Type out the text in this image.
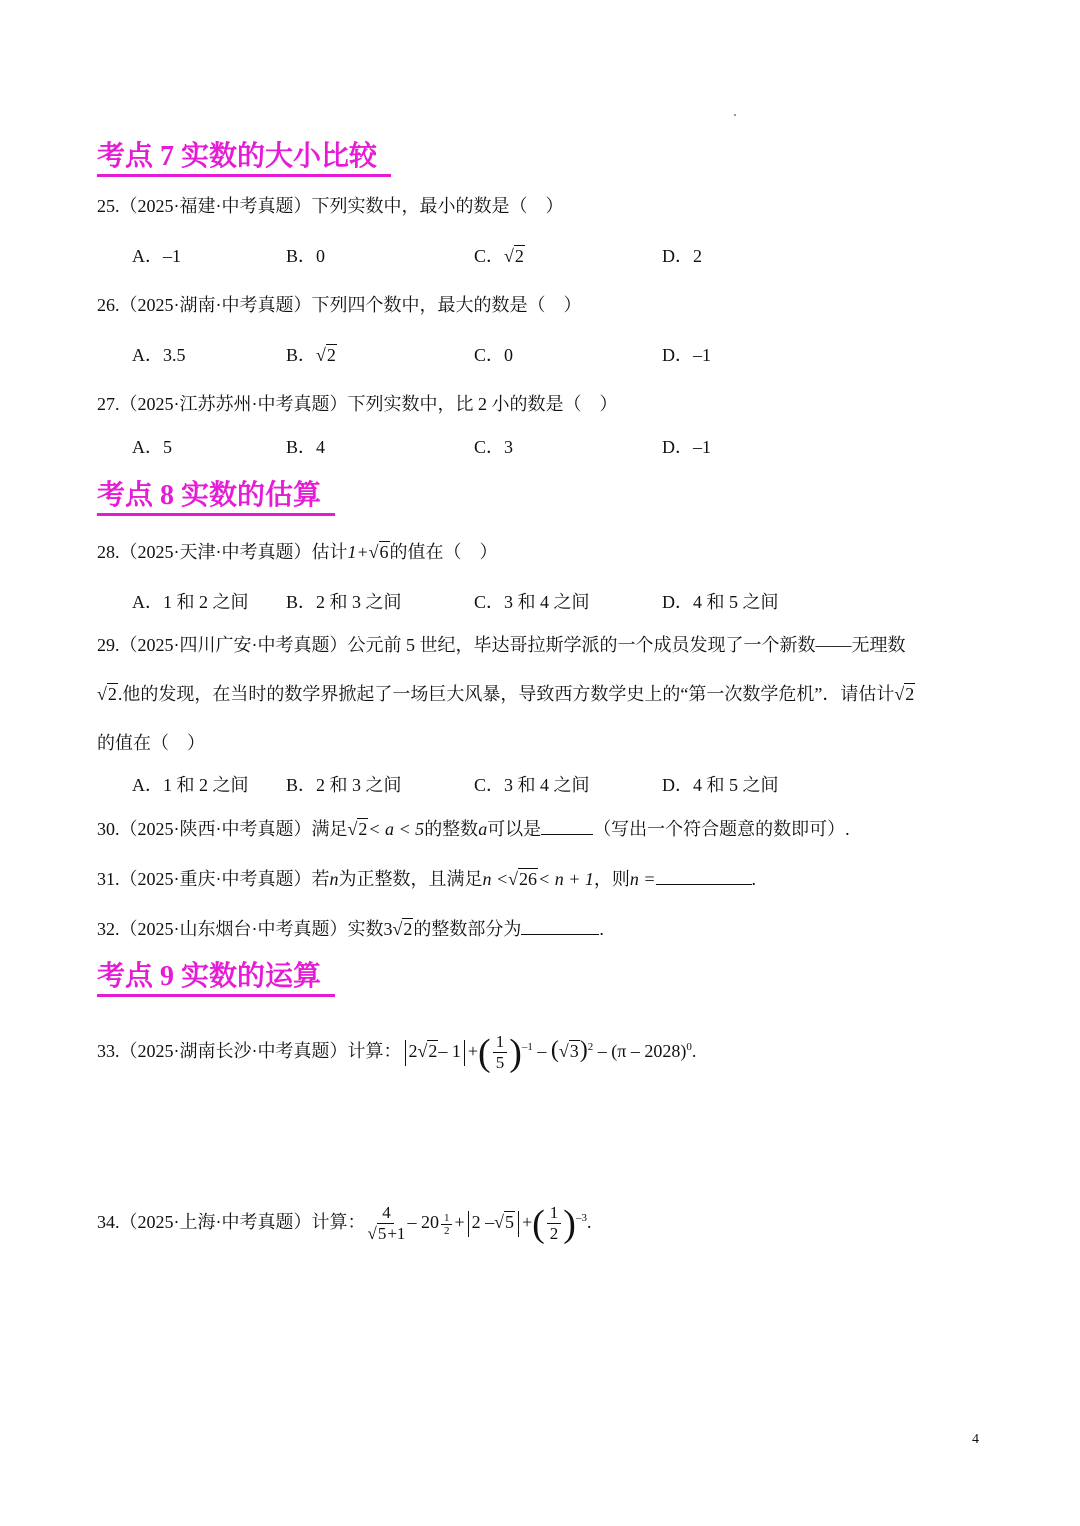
考点 7 实数的大小比较
25.（2025·福建·中考真题）下列实数中，最小的数是（　）
A．–1	B．0	C．√2	D．2
26.（2025·湖南·中考真题）下列四个数中，最大的数是（　）
A．3.5	B．√2	C．0	D．–1
27.（2025·江苏苏州·中考真题）下列实数中，比 2 小的数是（　）
A．5	B．4	C．3	D．–1
考点 8 实数的估算
28.（2025·天津·中考真题）估计1+√6的值在（　）
A．1 和 2 之间 B．2 和 3 之间	C．3 和 4 之间	D．4 和 5 之间
29.（2025·四川广安·中考真题）公元前 5 世纪，毕达哥拉斯学派的一个成员发现了一个新数——无理数
√2.他的发现，在当时的数学界掀起了一场巨大风暴，导致西方数学史上的“第一次数学危机”．请估计√2
的值在（　）
A．1 和 2 之间 B．2 和 3 之间	C．3 和 4 之间	D．4 和 5 之间
30.（2025·陕西·中考真题）满足√2< a < 5的整数a可以是	（写出一个符合题意的数即可）.
31.（2025·重庆·中考真题）若n为正整数，且满足n <√26< n + 1，则n =	.
32.（2025·山东烟台·中考真题）实数3√2的整数部分为	.
考点 9 实数的运算
33.（2025·湖南长沙·中考真题）计算： 2√2– 1 +( $\frac{1}{5} )^{-1} - (√3)^2 - (\pi - 2028)^0$.
34.（2025·上海·中考真题）计算： $\frac{4}{√5+1} - 20 \frac{1}{2} + 2$ –√5 +( $\frac{1}{2} )^{-3}$.
4
